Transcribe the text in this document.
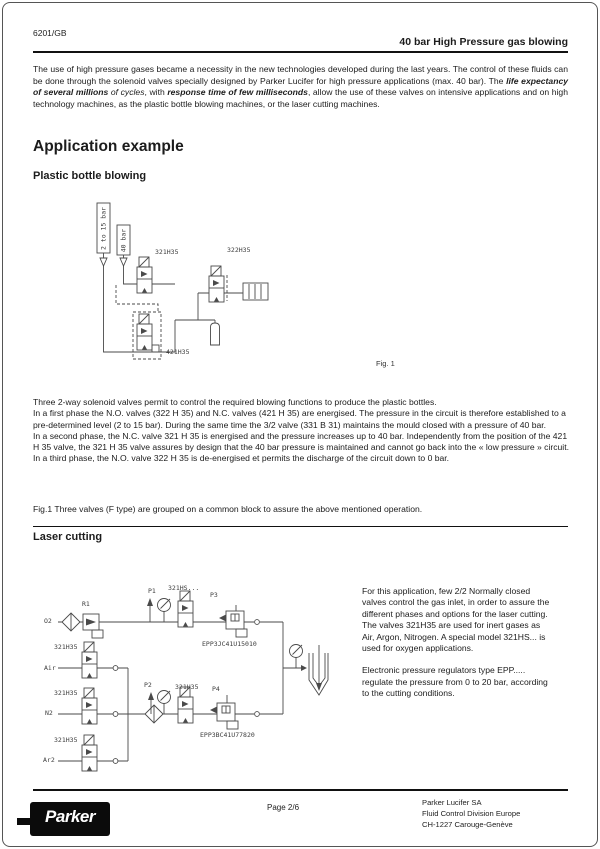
6201/GB
40 bar High Pressure gas blowing
The use of high pressure gases became a necessity in the new technologies developed during the last years. The control of these fluids can be done through the solenoid valves specially designed by Parker Lucifer for high pressure applications (max. 40 bar). The life expectancy of several millions of cycles, with response time of few milliseconds, allow the use of these valves on intensive applications and on high technology machines, as the plastic bottle blowing machines, or the laser cutting machines.
Application example
Plastic bottle blowing
2 to 15 bar	40 bar
321H35	322H35
421H35
Fig. 1

Three 2-way solenoid valves permit to control the required blowing functions to produce the plastic bottles.

In a first phase the N.O. valves (322 H 35) and N.C. valves (421 H 35) are energised. The pressure in the circuit is therefore established to a pre-determined level (2 to 15 bar). During the same time the 3/2 valve (331 B 31) maintains the mould closed with a pressure of 40 bar.

In a second phase, the N.C. valve 321 H 35 is energised and the pressure increases up to 40 bar. Independently from the position of the 421 H 35 valve, the 321 H 35 valve assures by design that the 40 bar pressure is maintained and cannot go back into the « low pressure » circuit.

In a third phase, the N.O. valve 322 H 35 is de-energised et permits the discharge of the circuit down to 0 bar.

Fig.1 Three valves (F type) are grouped on a common block to assure the above mentioned operation.
Laser cutting
O2
R1
P1 321HS...
P3
EPP3JC41U15010
321H35
Air
321H35
N2
321H35
Ar2
P2	321H35 P4
EPP3BC41U77820

For this application, few 2/2 Normally closed valves control the gas inlet, in order to assure the different phases and options for the laser cutting. The valves 321H35 are used for inert gases as Air, Argon, Nitrogen. A special model 321HS... is used for oxygen applications.

Electronic pressure regulators type EPP..... regulate the pressure from 0 to 20 bar, according to the cutting conditions.

Parker	Page 2/6
Parker Lucifer SA
Fluid Control Division Europe
CH-1227 Carouge-Genève
